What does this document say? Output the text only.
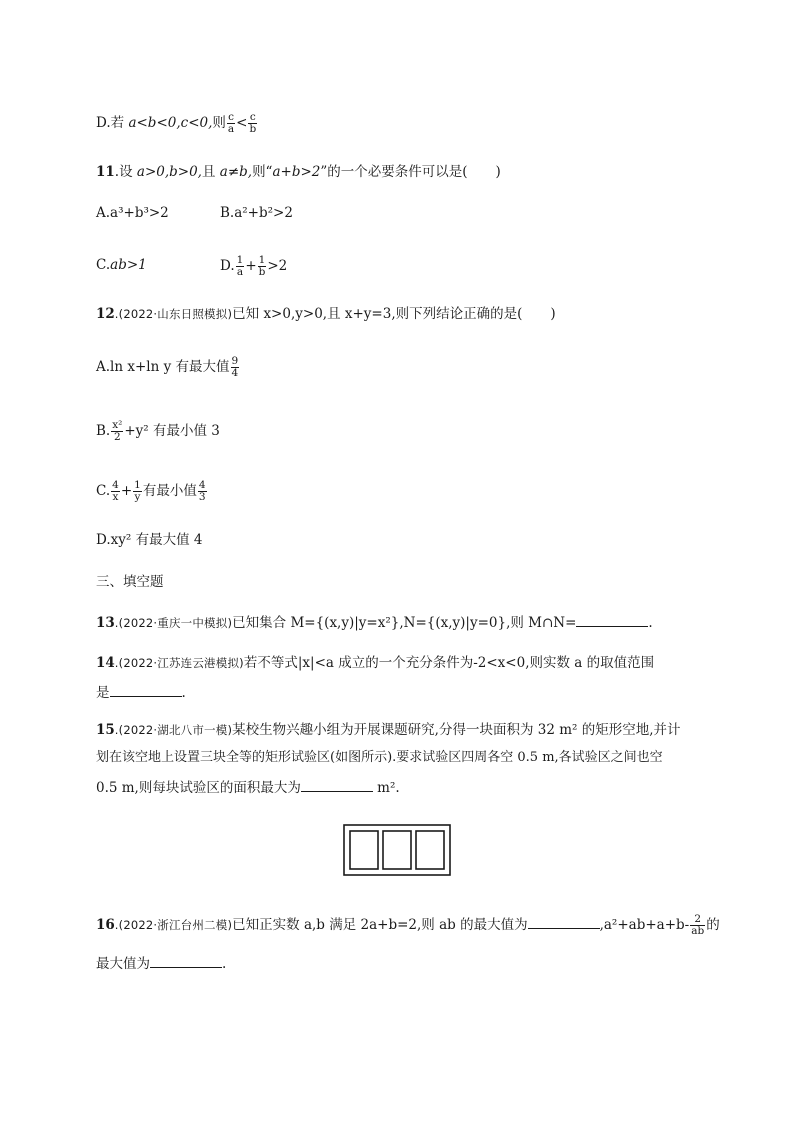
D.若 a<b<0,c<0,则 $\frac{c}{a} < \frac{c}{b}$
11.设 a>0,b>0,且 a≠b,则“a+b>2”的一个必要条件可以是( )
A.a³+b³>2	B.a²+b²>2
C.ab>1	D. $\frac{1}{a} + \frac{1}{b} >2$
12.(2022·山东日照模拟)已知 x>0,y>0,且 x+y=3,则下列结论正确的是( )
A.ln x+ln y 有最大值 $\frac{9}{4}$
B. $\frac{\text{x²}}{2} +y^2$ 有最小值 3
C. $\frac{4}{x} + \frac{1}{y}$ 有最小值 $\frac{4}{3}$
D.xy² 有最大值 4
三、填空题
13.(2022·重庆一中模拟)已知集合 M={(x,y)|y=x²},N={(x,y)|y=0},则 M∩N=	.
14.(2022·江苏连云港模拟)若不等式|x|<a 成立的一个充分条件为-2<x<0,则实数 a 的取值范围
是	.
15.(2022·湖北八市一模)某校生物兴趣小组为开展课题研究,分得一块面积为 32 m² 的矩形空地,并计
划在该空地上设置三块全等的矩形试验区(如图所示).要求试验区四周各空 0.5 m,各试验区之间也空
0.5 m,则每块试验区的面积最大为	m².
16.(2022·浙江台州二模)已知正实数 a,b 满足 2a+b=2,则 ab 的最大值为	$,a^2+ab+a+b- \frac{2}{ab}$ 的
最大值为	.
